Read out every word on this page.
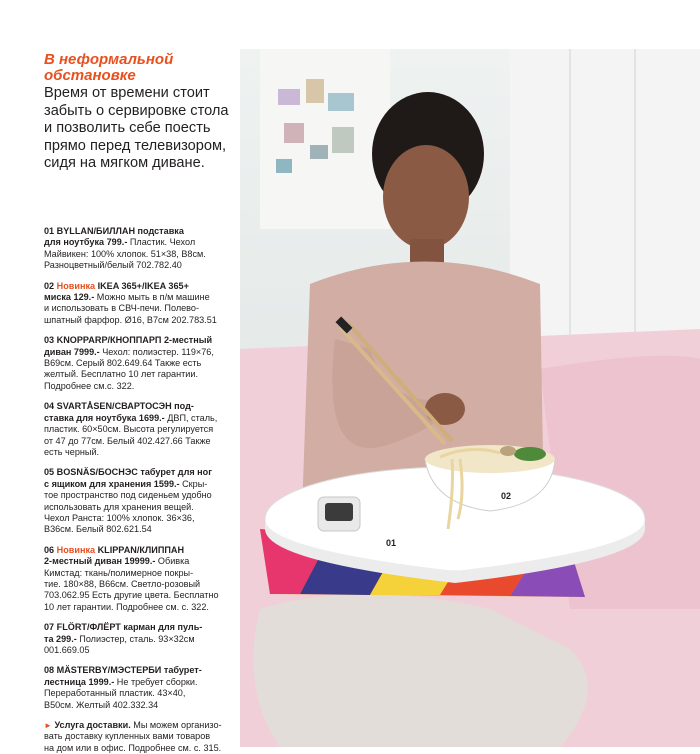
В неформальной
обстановке

Время от времени стоит
забыть о сервировке стола
и позволить себе поесть
прямо перед телевизором,
сидя на мягком диване.

01 BYLLAN/БИЛЛАН подставка
для ноутбука 799.- Пластик. Чехол
Майвикен: 100% хлопок. 51×38, В8см.
Разноцветный/белый 702.782.40
02 Новинка IKEA 365+/IKEA 365+
миска 129.- Можно мыть в п/м машине
и использовать в СВЧ-печи. Полево-
шпатный фарфор. Ø16, В7см 202.783.51
03 KNOPPARP/КНОППАРП 2-местный
диван 7999.- Чехол: полиэстер. 119×76,
В69см. Серый 802.649.64 Также есть
желтый. Бесплатно 10 лет гарантии.
Подробнее см.с. 322.
04 SVARTÅSEN/СВАРТОСЭН под-
ставка для ноутбука 1699.- ДВП, сталь,
пластик. 60×50см. Высота регулируется
от 47 до 77см. Белый 402.427.66 Также
есть черный.
05 BOSNÄS/БОСНЭС табурет для ног
с ящиком для хранения 1599.- Скры-
тое пространство под сиденьем удобно
использовать для хранения вещей.
Чехол Ранста: 100% хлопок. 36×36,
В36см. Белый 802.621.54
06 Новинка KLIPPAN/КЛИППАН
2-местный диван 19999.- Обивка
Кимстад: ткань/полимерное покры-
тие. 180×88, В66см. Светло-розовый
703.062.95 Есть другие цвета. Бесплатно
10 лет гарантии. Подробнее см. с. 322.
07 FLÖRT/ФЛЁРТ карман для пуль-
та 299.- Полиэстер, сталь. 93×32см
001.669.05
08 MÄSTERBY/МЭСТЕРБИ табурет-
лестница 1999.- Не требует сборки.
Переработанный пластик. 43×40,
В50см. Желтый 402.332.34
► Услуга доставки. Мы можем организо-
вать доставку купленных вами товаров
на дом или в офис. Подробнее см. с. 315.
01
02
